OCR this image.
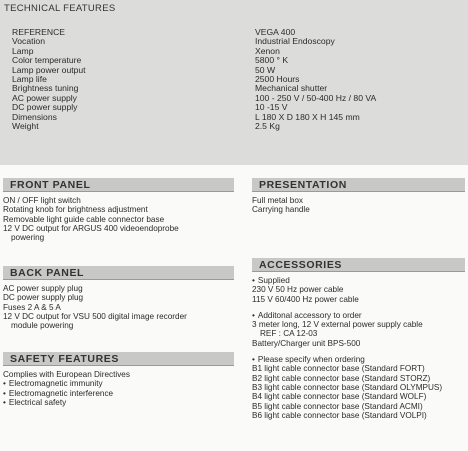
TECHNICAL FEATURES
REFERENCE	VEGA 400
Vocation	Industrial Endoscopy
Lamp	Xenon
Color temperature	5800 ° K
Lamp power output	50 W
Lamp life	2500 Hours
Brightness tuning	Mechanical shutter
AC power supply	100 - 250 V / 50-400 Hz / 80 VA
DC power supply	10 -15 V
Dimensions	L 180 X D 180 X H 145 mm
Weight	2.5 Kg
FRONT PANEL
ON / OFF light switch
Rotating knob for brightness adjustment
Removable light guide cable connector base
12 V DC output for ARGUS 400 videoendoprobe
powering
BACK PANEL
AC power supply plug
DC power supply plug
Fuses 2 A & 5 A
12 V DC output for VSU 500 digital image recorder
module powering
SAFETY FEATURES
Complies with European Directives
• Electromagnetic immunity
• Electromagnetic interference
• Electrical safety
PRESENTATION
Full metal box
Carrying handle
ACCESSORIES
• Supplied
230 V 50 Hz power cable
115 V 60/400 Hz power cable
• Additonal accessory to order
3 meter long, 12 V external power supply cable
REF : CA 12-03
Battery/Charger unit BPS-500
• Please specify when ordering
B1 light cable connector base (Standard FORT)
B2 light cable connector base (Standard STORZ)
B3 light cable connector base (Standard OLYMPUS)
B4 light cable connector base (Standard WOLF)
B5 light cable connector base (Standard ACMI)
B6 light cable connector base (Standard VOLPI)
